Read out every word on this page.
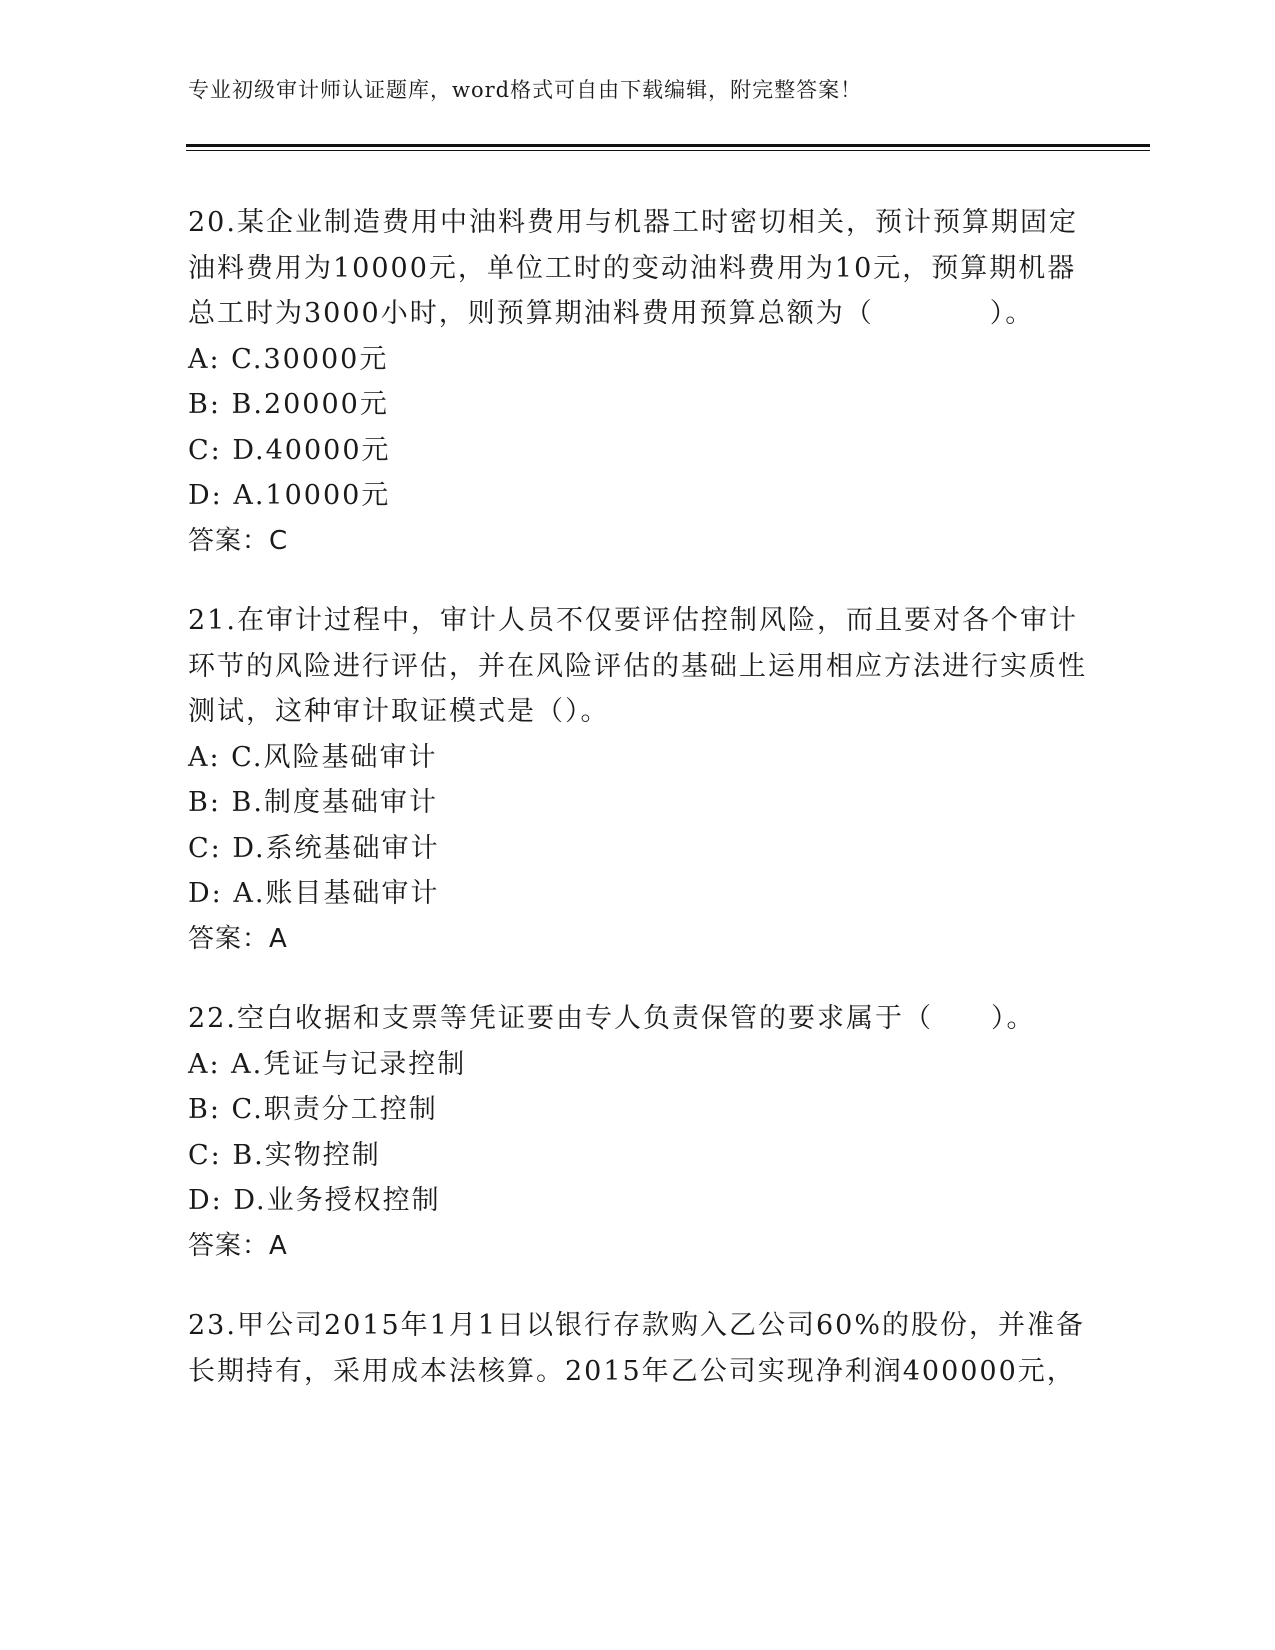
专业初级审计师认证题库，word格式可自由下载编辑，附完整答案！

20.某企业制造费用中油料费用与机器工时密切相关，预计预算期固定油料费用为10000元，单位工时的变动油料费用为10元，预算期机器总工时为3000小时，则预算期油料费用预算总额为（　　　　）。

A: C.30000元
B: B.20000元
C: D.40000元
D: A.10000元
答案：C

21.在审计过程中，审计人员不仅要评估控制风险，而且要对各个审计环节的风险进行评估，并在风险评估的基础上运用相应方法进行实质性测试，这种审计取证模式是（）。

A: C.风险基础审计
B: B.制度基础审计
C: D.系统基础审计
D: A.账目基础审计
答案：A

22.空白收据和支票等凭证要由专人负责保管的要求属于（　　）。

A: A.凭证与记录控制
B: C.职责分工控制
C: B.实物控制
D: D.业务授权控制
答案：A

23.甲公司2015年1月1日以银行存款购入乙公司60%的股份，并准备长期持有，采用成本法核算。2015年乙公司实现净利润400000元，
